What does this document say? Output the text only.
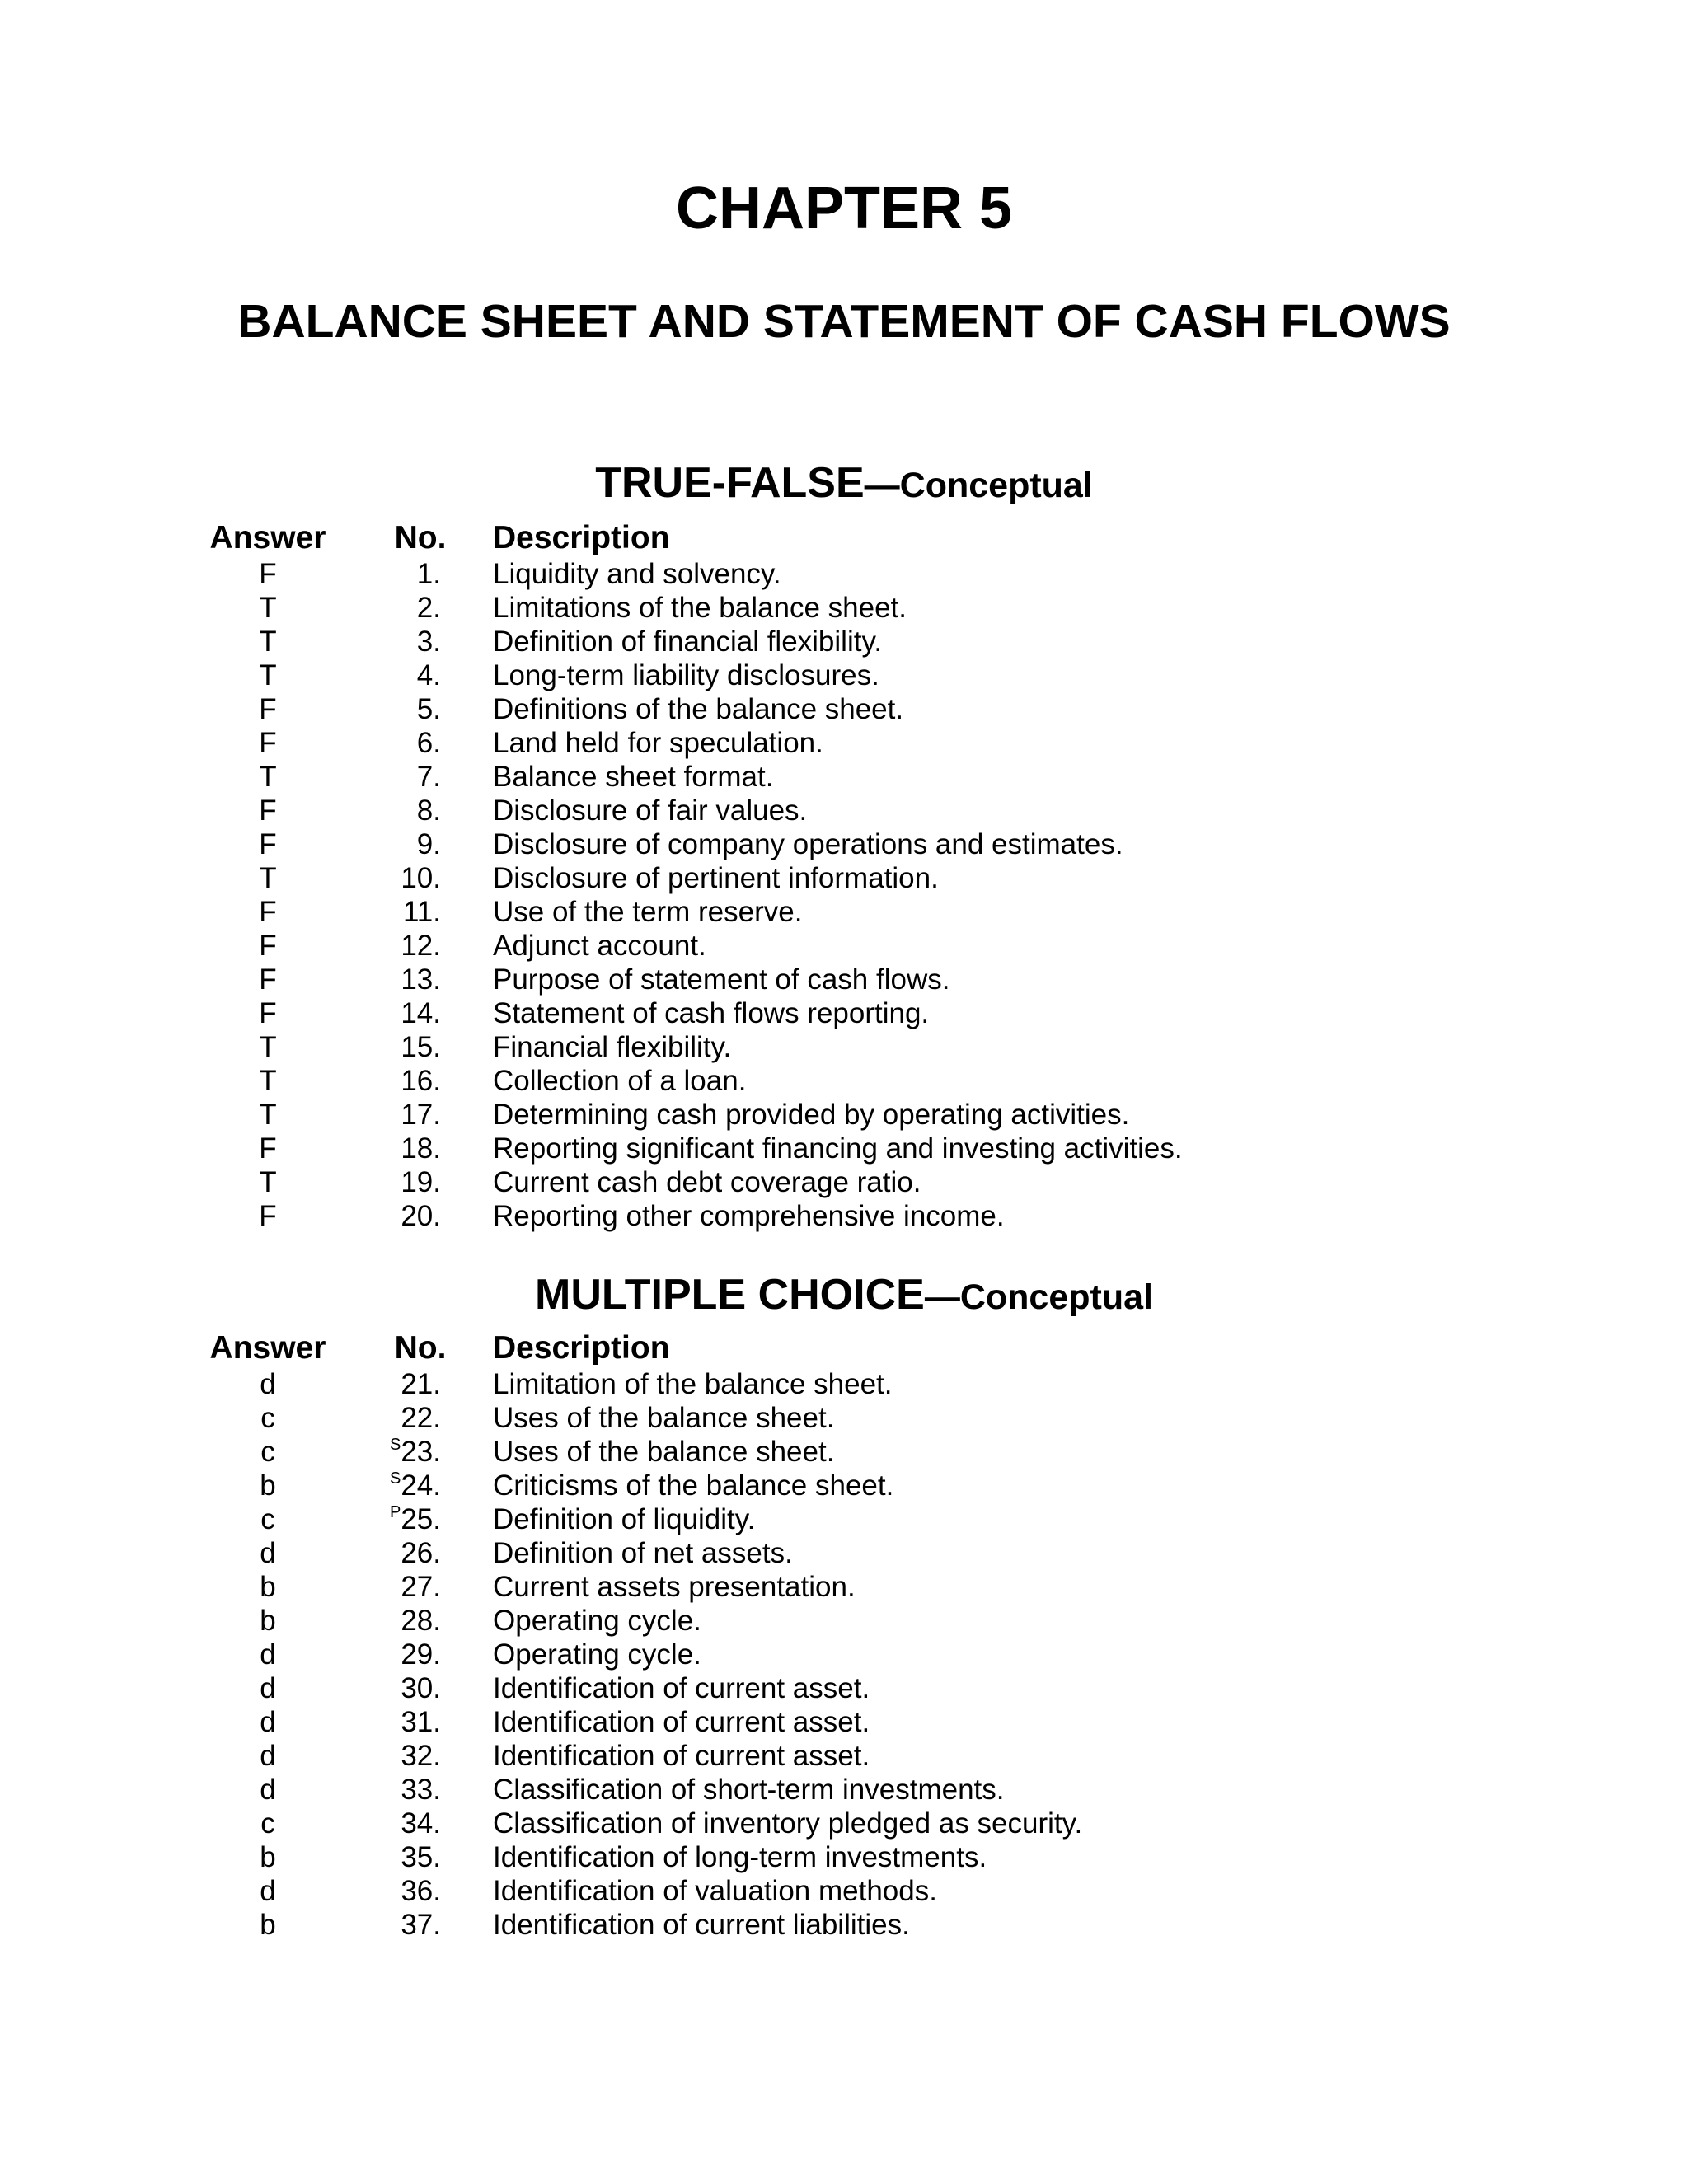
CHAPTER 5
BALANCE SHEET AND STATEMENT OF CASH FLOWS
TRUE-FALSE—Conceptual
Answer	No. Description
F	1. Liquidity and solvency.
T	2. Limitations of the balance sheet.
T	3. Definition of financial flexibility.
T	4. Long-term liability disclosures.
F	5. Definitions of the balance sheet.
F	6. Land held for speculation.
T	7. Balance sheet format.
F	8. Disclosure of fair values.
F	9. Disclosure of company operations and estimates.
T	10. Disclosure of pertinent information.
F	11. Use of the term reserve.
F	12. Adjunct account.
F	13. Purpose of statement of cash flows.
F	14. Statement of cash flows reporting.
T	15. Financial flexibility.
T	16. Collection of a loan.
T	17. Determining cash provided by operating activities.
F	18. Reporting significant financing and investing activities.
T	19. Current cash debt coverage ratio.
F	20. Reporting other comprehensive income.
MULTIPLE CHOICE—Conceptual
Answer	No. Description
d	21. Limitation of the balance sheet.
c	22. Uses of the balance sheet.
c	$^S$23. Uses of the balance sheet.
b	$^S$24. Criticisms of the balance sheet.
c	$^P$25. Definition of liquidity.
d	26. Definition of net assets.
b	27. Current assets presentation.
b	28. Operating cycle.
d	29. Operating cycle.
d	30. Identification of current asset.
d	31. Identification of current asset.
d	32. Identification of current asset.
d	33. Classification of short-term investments.
c	34. Classification of inventory pledged as security.
b	35. Identification of long-term investments.
d	36. Identification of valuation methods.
b	37. Identification of current liabilities.
